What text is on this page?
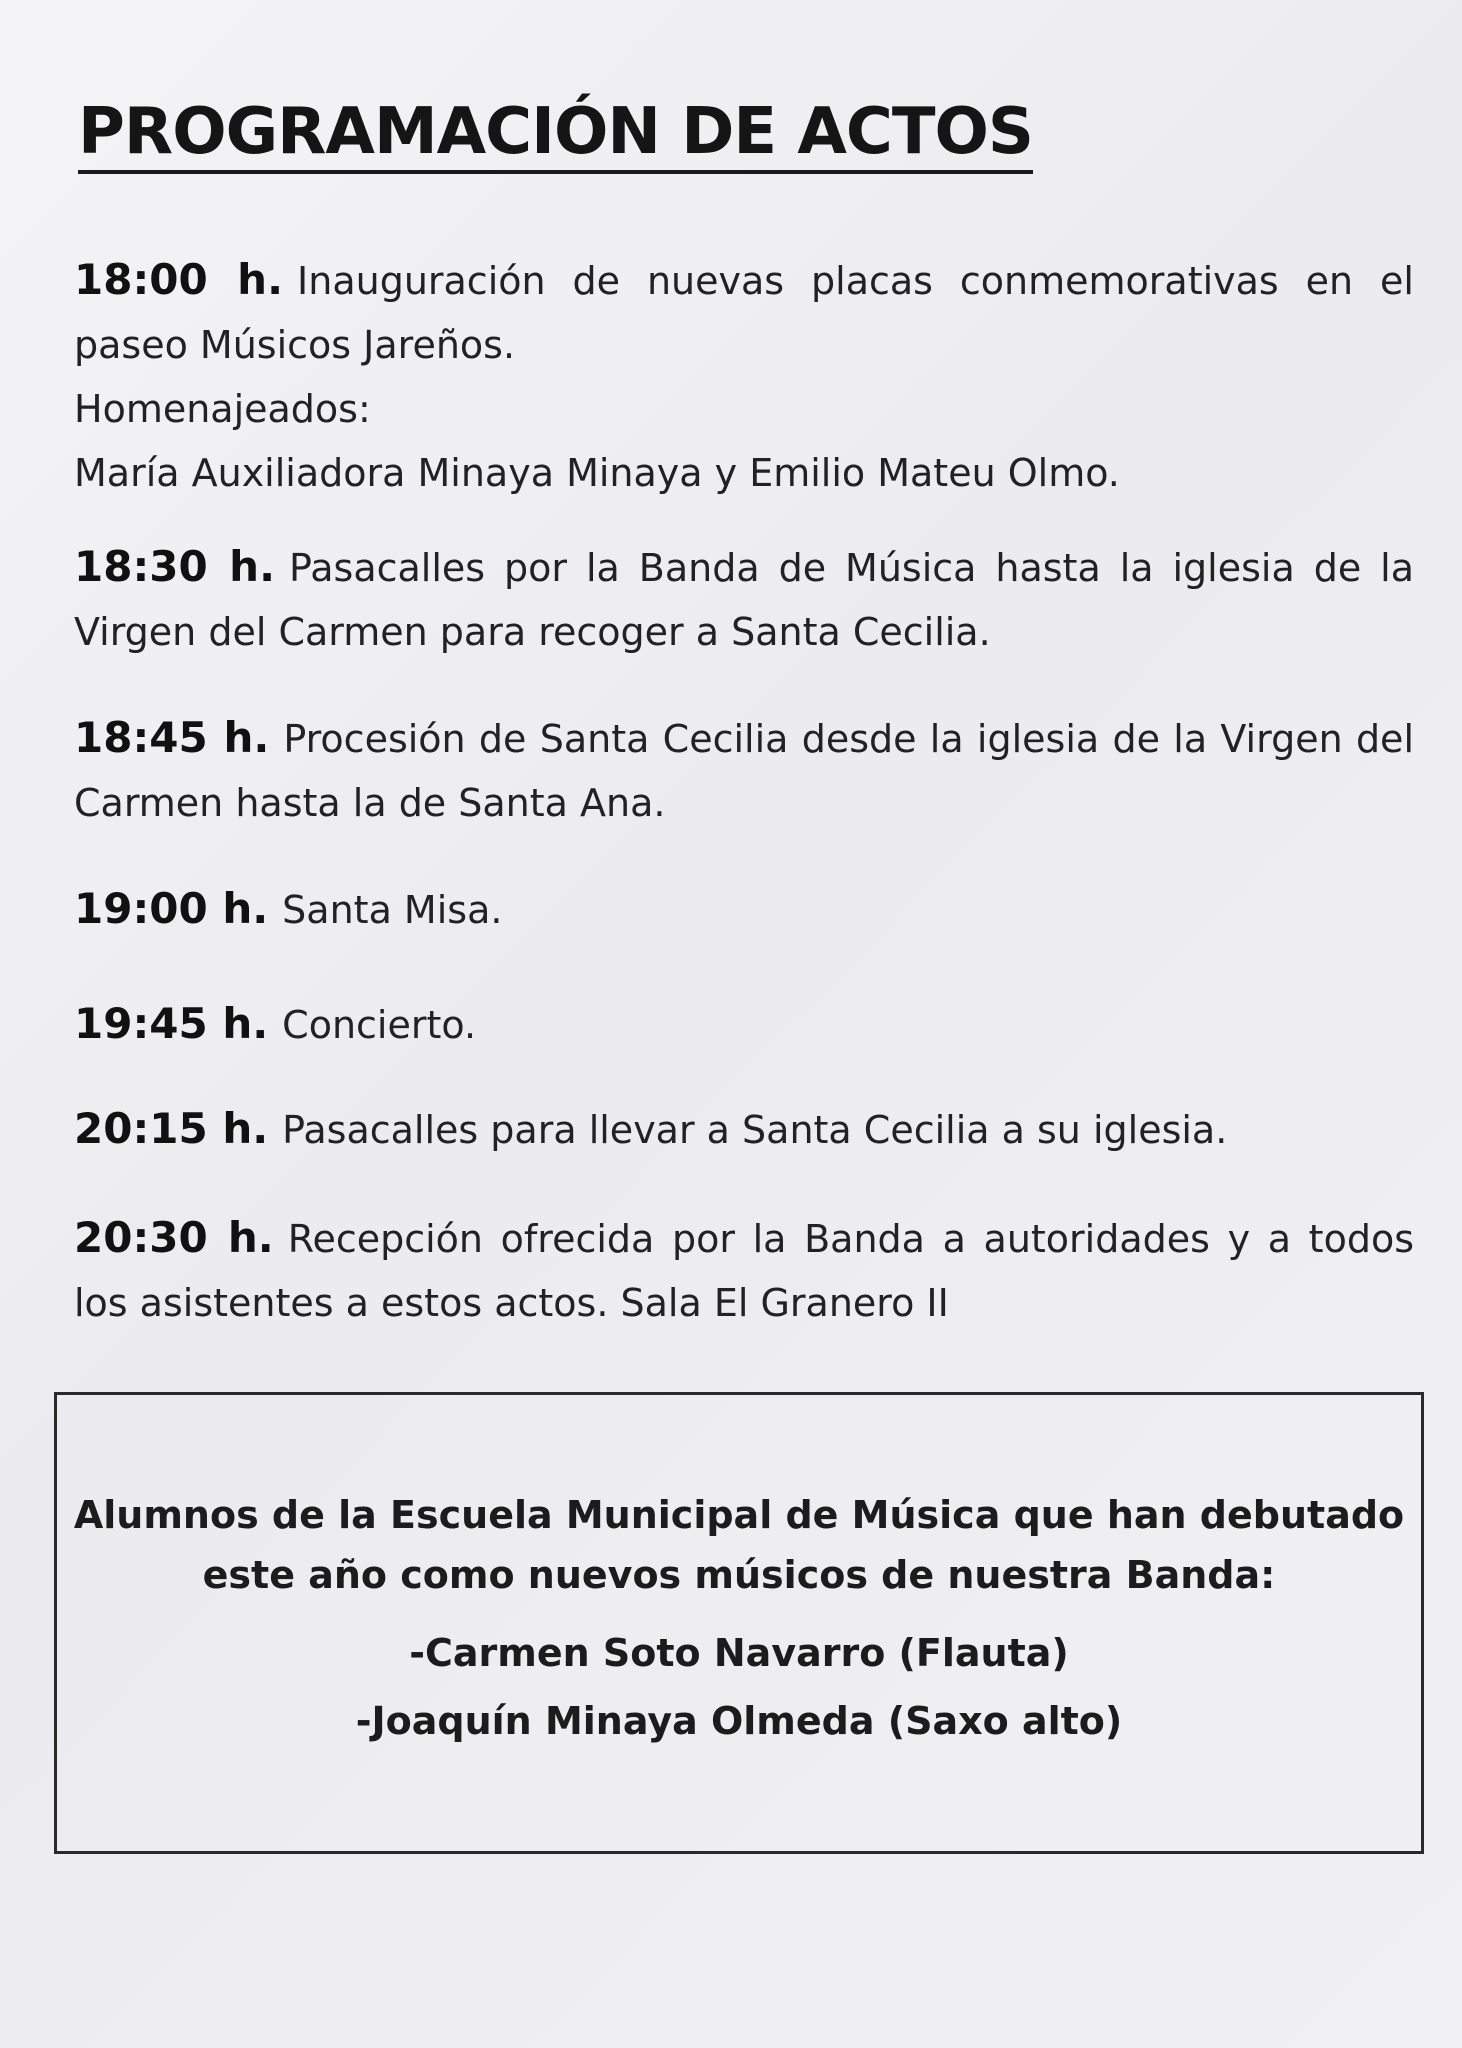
PROGRAMACIÓN DE ACTOS
18:00 h. Inauguración de nuevas placas conmemorativas en el paseo Músicos Jareños.
Homenajeados:
María Auxiliadora Minaya Minaya y Emilio Mateu Olmo.
18:30 h. Pasacalles por la Banda de Música hasta la iglesia de la Virgen del Carmen para recoger a Santa Cecilia.
18:45 h. Procesión de Santa Cecilia desde la iglesia de la Virgen del Carmen hasta la de Santa Ana.
19:00 h. Santa Misa.
19:45 h. Concierto.
20:15 h. Pasacalles para llevar a Santa Cecilia a su iglesia.
20:30 h. Recepción ofrecida por la Banda a autoridades y a todos los asistentes a estos actos. Sala El Granero II

Alumnos de la Escuela Municipal de Música que han debutado este año como nuevos músicos de nuestra Banda:

-Carmen Soto Navarro (Flauta)

-Joaquín Minaya Olmeda (Saxo alto)
